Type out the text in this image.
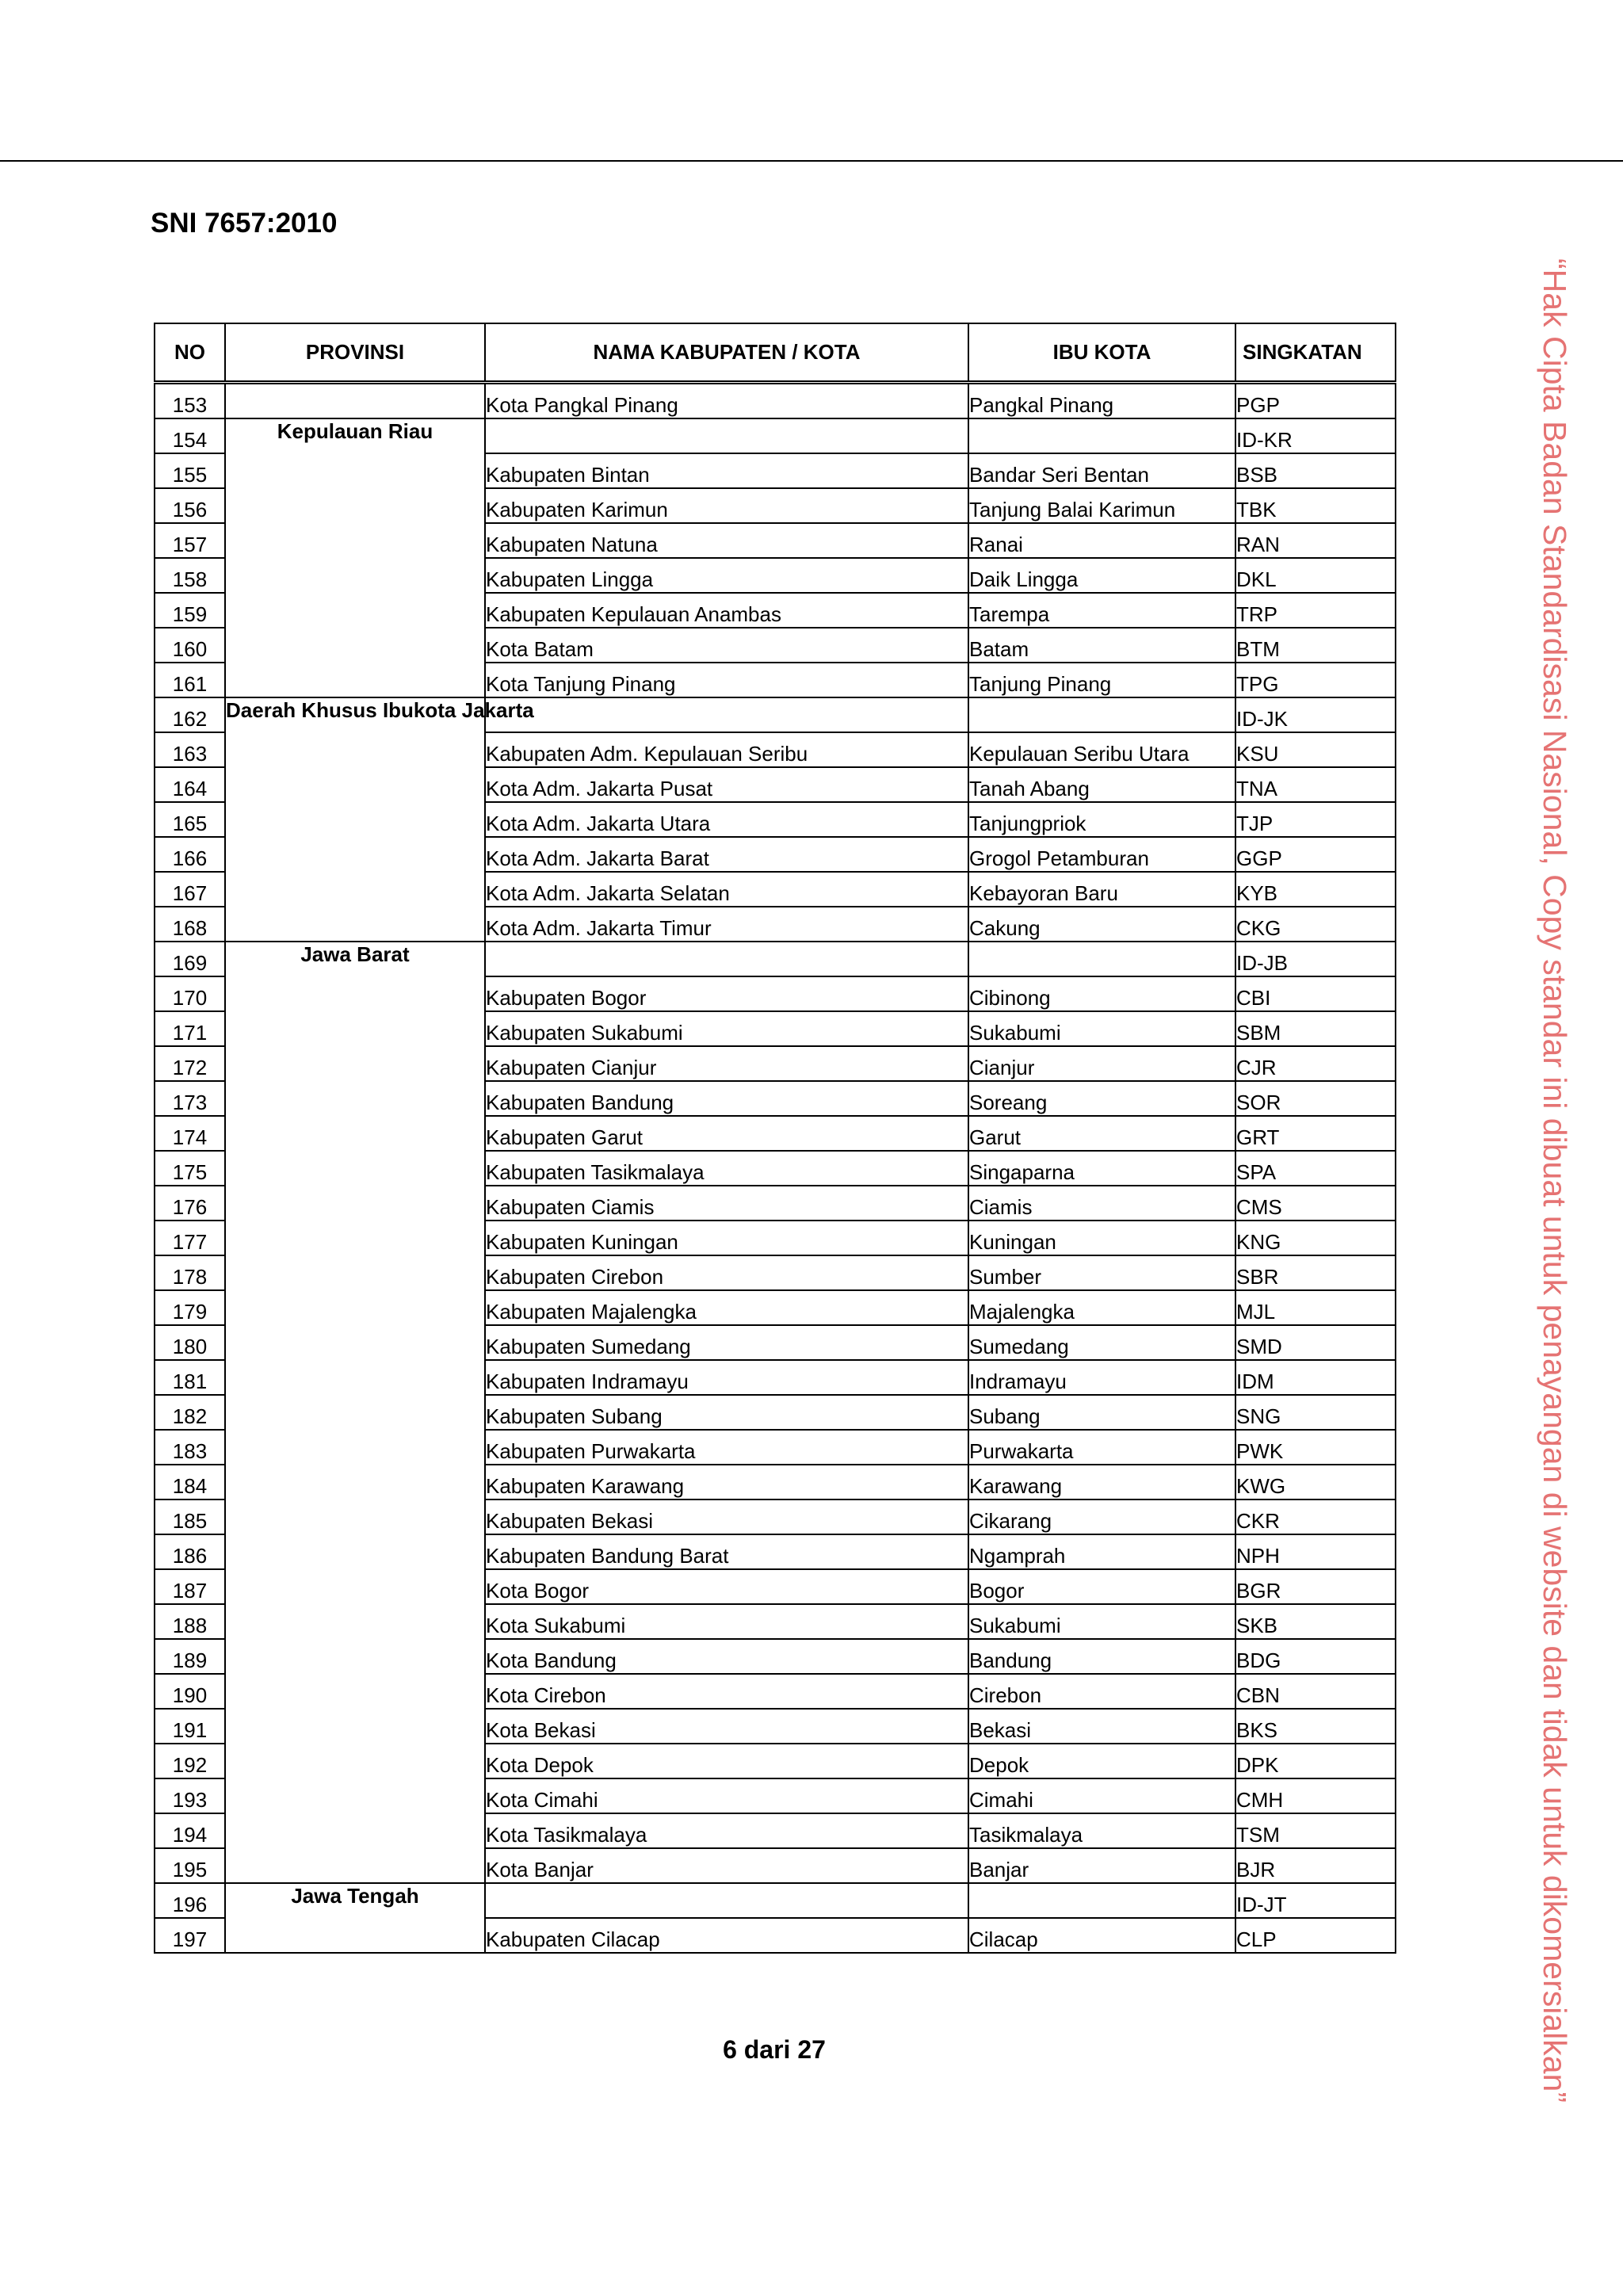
SNI 7657:2010
NO	PROVINSI	NAMA KABUPATEN / KOTA	IBU KOTA	SINGKATAN
153		Kota Pangkal Pinang	Pangkal Pinang	PGP
154	Kepulauan Riau			ID-KR
155		Kabupaten Bintan	Bandar Seri Bentan	BSB
156		Kabupaten Karimun	Tanjung Balai Karimun	TBK
157		Kabupaten Natuna	Ranai	RAN
158		Kabupaten Lingga	Daik Lingga	DKL
159		Kabupaten Kepulauan Anambas	Tarempa	TRP
160		Kota Batam	Batam	BTM
161		Kota Tanjung Pinang	Tanjung Pinang	TPG
162	Daerah Khusus Ibukota Jakarta			ID-JK
163		Kabupaten Adm. Kepulauan Seribu	Kepulauan Seribu Utara	KSU
164		Kota Adm. Jakarta Pusat	Tanah Abang	TNA
165		Kota Adm. Jakarta Utara	Tanjungpriok	TJP
166		Kota Adm. Jakarta Barat	Grogol Petamburan	GGP
167		Kota Adm. Jakarta Selatan	Kebayoran Baru	KYB
168		Kota Adm. Jakarta Timur	Cakung	CKG
169	Jawa Barat			ID-JB
170		Kabupaten Bogor	Cibinong	CBI
171		Kabupaten Sukabumi	Sukabumi	SBM
172		Kabupaten Cianjur	Cianjur	CJR
173		Kabupaten Bandung	Soreang	SOR
174		Kabupaten Garut	Garut	GRT
175		Kabupaten Tasikmalaya	Singaparna	SPA
176		Kabupaten Ciamis	Ciamis	CMS
177		Kabupaten Kuningan	Kuningan	KNG
178		Kabupaten Cirebon	Sumber	SBR
179		Kabupaten Majalengka	Majalengka	MJL
180		Kabupaten Sumedang	Sumedang	SMD
181		Kabupaten Indramayu	Indramayu	IDM
182		Kabupaten Subang	Subang	SNG
183		Kabupaten Purwakarta	Purwakarta	PWK
184		Kabupaten Karawang	Karawang	KWG
185		Kabupaten Bekasi	Cikarang	CKR
186		Kabupaten Bandung Barat	Ngamprah	NPH
187		Kota Bogor	Bogor	BGR
188		Kota Sukabumi	Sukabumi	SKB
189		Kota Bandung	Bandung	BDG
190		Kota Cirebon	Cirebon	CBN
191		Kota Bekasi	Bekasi	BKS
192		Kota Depok	Depok	DPK
193		Kota Cimahi	Cimahi	CMH
194		Kota Tasikmalaya	Tasikmalaya	TSM
195		Kota Banjar	Banjar	BJR
196	Jawa Tengah			ID-JT
197		Kabupaten Cilacap	Cilacap	CLP
6 dari 27	“Hak Cipta Badan Standardisasi Nasional, Copy standar ini dibuat untuk penayangan di website dan tidak untuk dikomersialkan”
